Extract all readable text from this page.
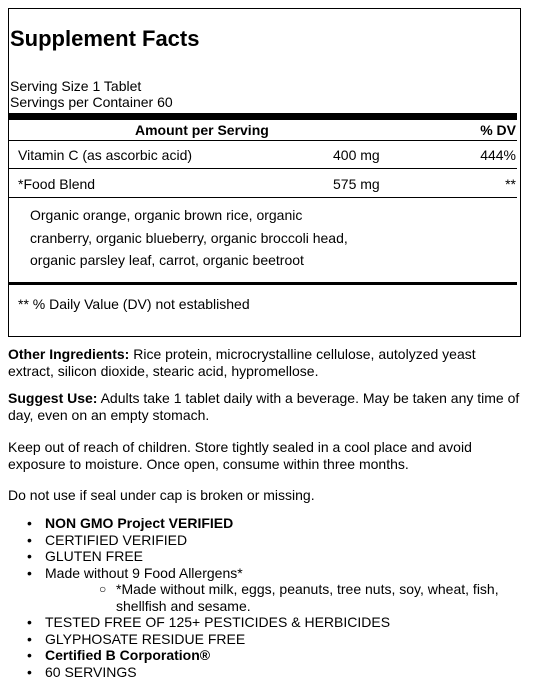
Supplement Facts
Serving Size 1 Tablet
Servings per Container 60
Amount per Serving	% DV
Vitamin C (as ascorbic acid)	400 mg	444%
*Food Blend	575 mg	**
Organic orange, organic brown rice, organic
cranberry, organic blueberry, organic broccoli head,
organic parsley leaf, carrot, organic beetroot
** % Daily Value (DV) not established
Other Ingredients: Rice protein, microcrystalline cellulose, autolyzed yeast extract, silicon dioxide, stearic acid, hypromellose.
Suggest Use: Adults take 1 tablet daily with a beverage. May be taken any time of day, even on an empty stomach.
Keep out of reach of children. Store tightly sealed in a cool place and avoid exposure to moisture. Once open, consume within three months.
Do not use if seal under cap is broken or missing.
• NON GMO Project VERIFIED
• CERTIFIED VERIFIED
• GLUTEN FREE
• Made without 9 Food Allergens*
○ *Made without milk, eggs, peanuts, tree nuts, soy, wheat, fish, shellfish and sesame.
• TESTED FREE OF 125+ PESTICIDES & HERBICIDES
• GLYPHOSATE RESIDUE FREE
• Certified B Corporation®
• 60 SERVINGS
